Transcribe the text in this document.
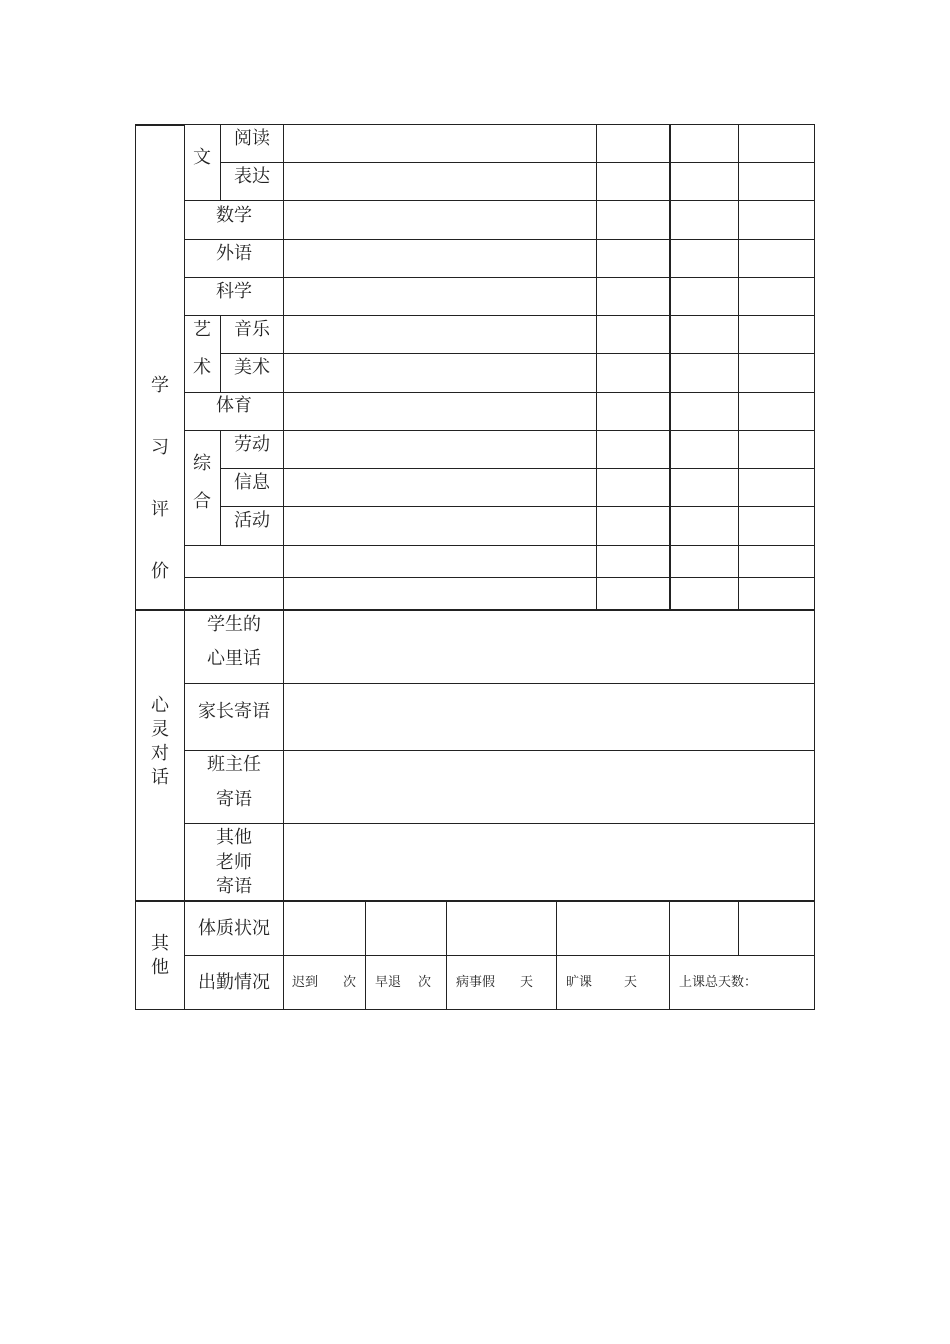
学

习

评

价
心
灵
对
话
其
他
文
阅读
表达
数学
外语
科学
艺
术
音乐
美术
体育
综
合
劳动
信息
活动
学生的
心里话
家长寄语
班主任
寄语
其他
老师
寄语
体质状况
出勤情况 迟到 次 早退 次 病事假 天	旷课 天	上课总天数：
